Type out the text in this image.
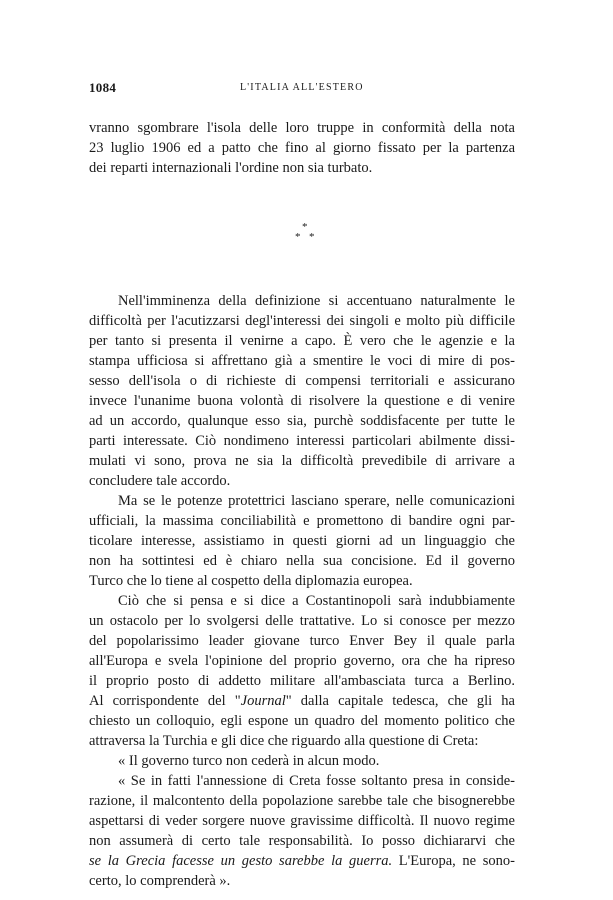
1084	L'ITALIA ALL'ESTERO
vranno sgombrare l'isola delle loro truppe in conformità della nota
23 luglio 1906 ed a patto che fino al giorno fissato per la partenza
dei reparti internazionali l'ordine non sia turbato.
*
* *
Nell'imminenza della definizione si accentuano naturalmente le
difficoltà per l'acutizzarsi degl'interessi dei singoli e molto più difficile
per tanto si presenta il venirne a capo. È vero che le agenzie e la
stampa ufficiosa si affrettano già a smentire le voci di mire di pos-
sesso dell'isola o di richieste di compensi territoriali e assicurano
invece l'unanime buona volontà di risolvere la questione e di venire
ad un accordo, qualunque esso sia, purchè soddisfacente per tutte le
parti interessate. Ciò nondimeno interessi particolari abilmente dissi-
mulati vi sono, prova ne sia la difficoltà prevedibile di arrivare a
concludere tale accordo.
Ma se le potenze protettrici lasciano sperare, nelle comunicazioni
ufficiali, la massima conciliabilità e promettono di bandire ogni par-
ticolare interesse, assistiamo in questi giorni ad un linguaggio che
non ha sottintesi ed è chiaro nella sua concisione. Ed il governo
Turco che lo tiene al cospetto della diplomazia europea.
Ciò che si pensa e si dice a Costantinopoli sarà indubbiamente
un ostacolo per lo svolgersi delle trattative. Lo si conosce per mezzo
del popolarissimo leader giovane turco Enver Bey il quale parla
all'Europa e svela l'opinione del proprio governo, ora che ha ripreso
il proprio posto di addetto militare all'ambasciata turca a Berlino.
Al corrispondente del "Journal" dalla capitale tedesca, che gli ha
chiesto un colloquio, egli espone un quadro del momento politico che
attraversa la Turchia e gli dice che riguardo alla questione di Creta:
« Il governo turco non cederà in alcun modo.
« Se in fatti l'annessione di Creta fosse soltanto presa in conside-
razione, il malcontento della popolazione sarebbe tale che bisognerebbe
aspettarsi di veder sorgere nuove gravissime difficoltà. Il nuovo regime
non assumerà di certo tale responsabilità. Io posso dichiararvi che
se la Grecia facesse un gesto sarebbe la guerra. L'Europa, ne sono-
certo, lo comprenderà ».
